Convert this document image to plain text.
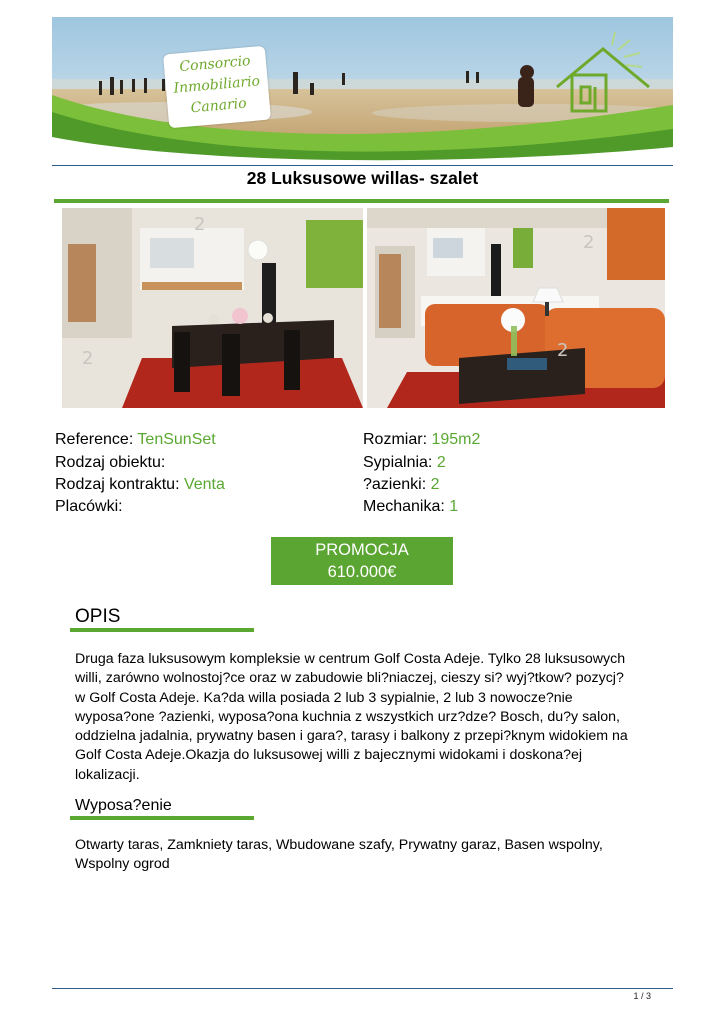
Consorcio
Inmobiliario
Canario
28 Luksusowe willas- szalet
2
2
2
2
Reference: TenSunSet
Rodzaj obiektu:
Rodzaj kontraktu: Venta
Placówki:
Rozmiar: 195m2
Sypialnia: 2
?azienki: 2
Mechanika: 1
PROMOCJA
610.000€
OPIS
Druga faza luksusowym kompleksie w centrum Golf Costa Adeje. Tylko 28 luksusowych
willi, zarówno wolnostoj?ce oraz w zabudowie bli?niaczej, cieszy si? wyj?tkow? pozycj?
w Golf Costa Adeje. Ka?da willa posiada 2 lub 3 sypialnie, 2 lub 3 nowocze?nie
wyposa?one ?azienki, wyposa?ona kuchnia z wszystkich urz?dze? Bosch, du?y salon,
oddzielna jadalnia, prywatny basen i gara?, tarasy i balkony z przepi?knym widokiem na
Golf Costa Adeje.Okazja do luksusowej willi z bajecznymi widokami i doskona?ej
lokalizacji.
Wyposa?enie
Otwarty taras, Zamkniety taras, Wbudowane szafy, Prywatny garaz, Basen wspolny,
Wspolny ogrod
1 / 3
